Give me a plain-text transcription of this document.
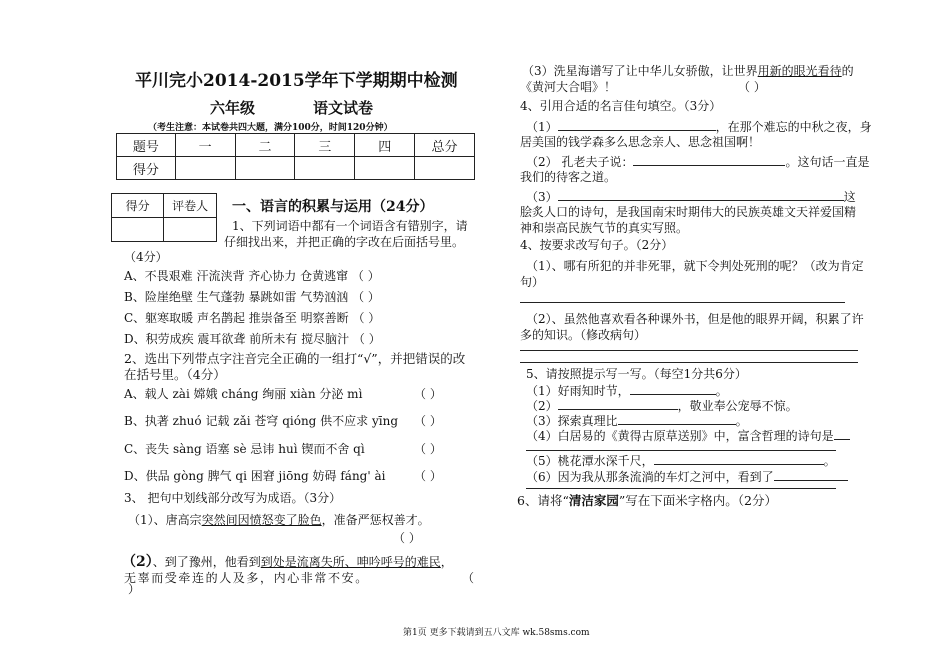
平川完小2014-2015学年下学期期中检测
六年级	语文试卷
（考生注意：本试卷共四大题，满分100分，时间120分钟）
题号	一	二	三	四	总分
得分					
得分	评卷人
	一、语言的积累与运用（24分）
1、下列词语中都有一个词语含有错别字，请
仔细找出来，并把正确的字改在后面括号里。
（4分）
A、不畏艰难 汗流浃背 齐心协力 仓黄逃窜 （ ）
B、险崖绝壁 生气蓬勃 暴跳如雷 气势汹汹 （ ）
C、躯寒取暖 声名鹊起 推崇备至 明察善断 （ ）
D、积劳成疾 震耳欲聋 前所未有 搅尽脑汁 （ ）
2、选出下列带点字注音完全正确的一组打“√”，并把错误的改
在括号里。（4分）
A、载人 zài 嫦娥 cháng 绚丽 xiàn 分泌 mì	（ ）
B、执著 zhuó 记载 zǎi 苍穹 qióng 供不应求 yīng （ ）
C、丧失 sàng 语塞 sè 忌讳 huì 锲而不舍 qì	（ ）
D、供品 gòng 脾气 qi 困窘 jiōng 妨碍 fáng' ài （ ）
3、 把句中划线部分改写为成语。（3分）
（1）、唐高宗突然间因愤怒变了脸色，准备严惩权善才。
（ ）
（2）、到了豫州，他看到到处是流离失所、呻吟呼号的难民，
无辜而受牵连的人及多，内心非常不安。	（
）
（3）洗星海谱写了让中华儿女骄傲，让世界用新的眼光看待的
《黄河大合唱》！	（ ）
4、引用合适的名言佳句填空。（3分）
（1）	，在那个难忘的中秋之夜，身
居美国的钱学森多么思念亲人、思念祖国啊！
（2） 孔老夫子说：	。这句话一直是
我们的待客之道。
（3）	这
脍炙人口的诗句，是我国南宋时期伟大的民族英雄文天祥爱国精
神和崇高民族气节的真实写照。
4、按要求改写句子。（2分）
（1）、哪有所犯的并非死罪，就下令判处死刑的呢？（改为肯定
句）
（2）、虽然他喜欢看各种课外书，但是他的眼界开阔，积累了许
多的知识。（修改病句）
5、请按照提示写一写。（每空1分共6分）
（1）好雨知时节，	。
（2）	，敬业奉公宠辱不惊。
（3）探索真理比	。
（4）白居易的《黄得古原草送别》中，富含哲理的诗句是
（5）桃花潭水深千尺，	。
（6）因为我从那条流淌的车灯之河中，看到了
6、请将“清洁家园”写在下面米字格内。（2分）
第1页 更多下载请到五八文库 wk.58sms.com
